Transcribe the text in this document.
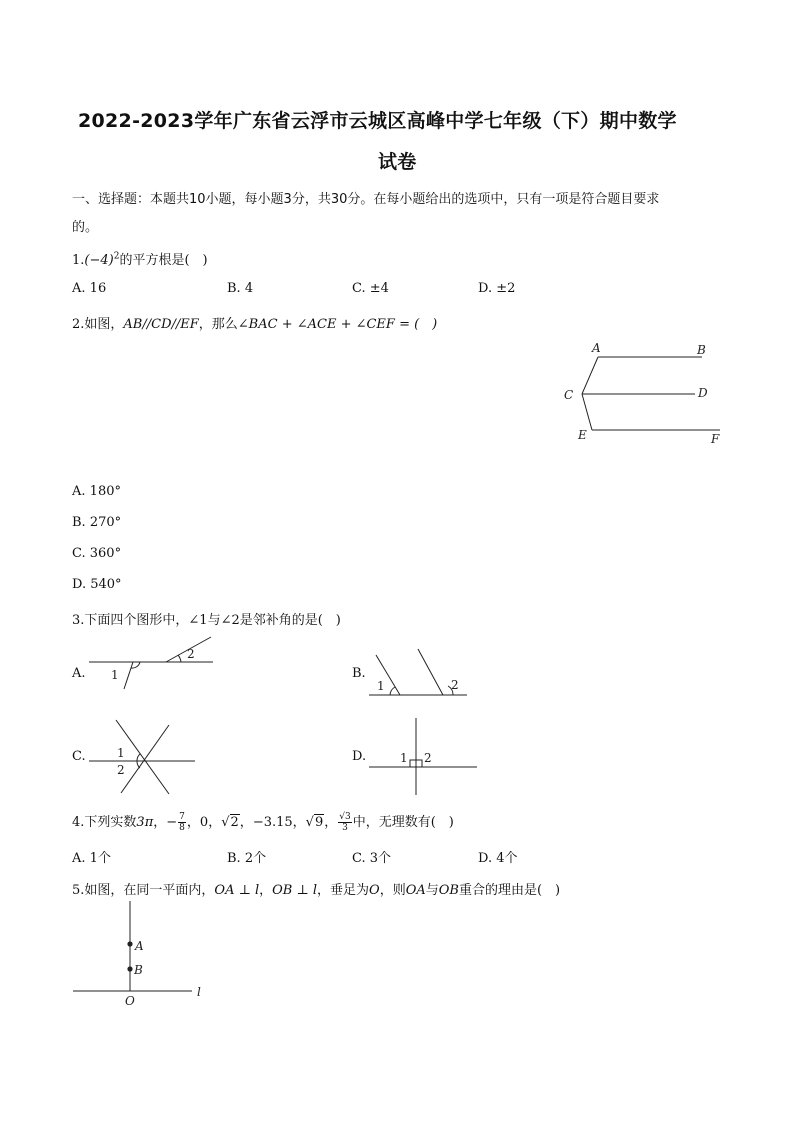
2022-2023学年广东省云浮市云城区高峰中学七年级（下）期中数学
试卷
一、选择题：本题共10小题，每小题3分，共30分。在每小题给出的选项中，只有一项是符合题目要求
的。
$1.(-4)^2$的平方根是(　)
A. 16	B. 4	C. ±4	D. ±2
2.如图，AB//CD//EF，那么∠BAC + ∠ACE + ∠CEF = (　)
A	B
C	D
E	F
A. 180°
B. 270°
C. 360°
D. 540°
3.下面四个图形中，∠1与∠2是邻补角的是(　)
A.
2
1	B.
1	2
C.	1
2
D.	1 2
4.下列实数3π，− $\frac{7}{8}$ ，0，√2，−3.15，√9， $\frac{√3}{3}$ 中，无理数有(　)
A. 1个	B. 2个	C. 3个	D. 4个
5.如图，在同一平面内，OA ⊥ l，OB ⊥ l，垂足为O，则OA与OB重合的理由是(　)
A
B
O
l
